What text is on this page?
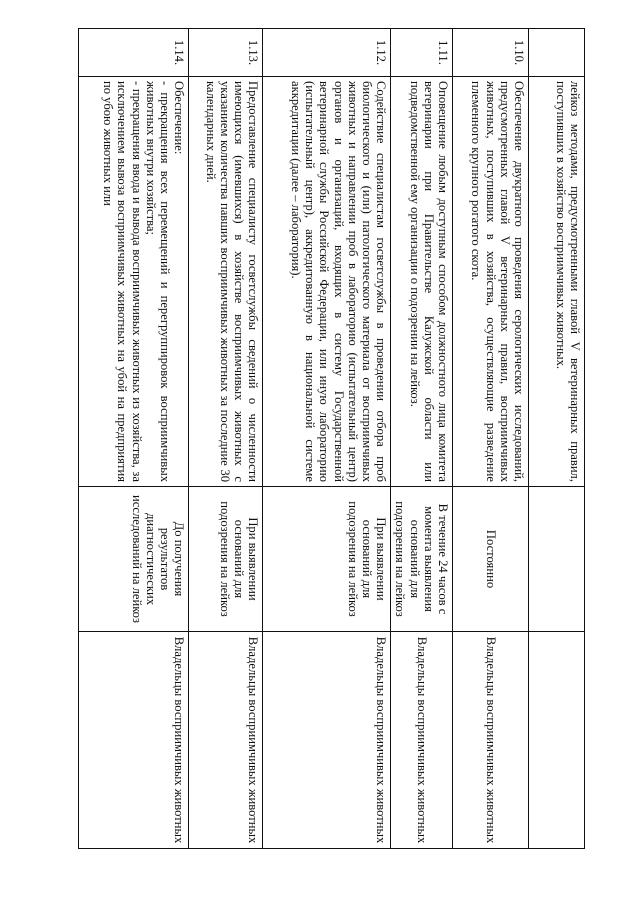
	лейкоз методами, предусмотренными главой V ветеринарных правил, поступивших в хозяйство восприимчивых животных.		
1.10.	Обеспечение двукратного проведения серологических исследований, предусмотренных главой V ветеринарных правил, восприимчивых животных, поступивших в хозяйства, осуществляющие разведение племенного крупного рогатого скота.	Постоянно	Владельцы восприимчивых животных
1.11.	Оповещение любым доступным способом должностного лица комитета ветеринарии при Правительстве Калужской области или подведомственной ему организации о подозрении на лейкоз.	В течение 24 часов с момента выявления оснований для подозрения на лейкоз	Владельцы восприимчивых животных
1.12.	Содействие специалистам госветслужбы в проведении отбора проб биологического и (или) патологического материала от восприимчивых животных и направлении проб в лабораторию (испытательный центр) органов и организаций, входящих в систему Государственной ветеринарной службы Российской Федерации, или иную лабораторию (испытательный центр), аккредитованную в национальной системе аккредитации (далее – лаборатория).	При выявлении оснований для подозрения на лейкоз	Владельцы восприимчивых животных
1.13.	Предоставление специалисту госветслужбы сведений о численности имеющихся (имевшихся) в хозяйстве восприимчивых животных с указанием количества павших восприимчивых животных за последние 30 календарных дней.	При выявлении оснований для подозрения на лейкоз	Владельцы восприимчивых животных
1.14.	Обеспечение:
- прекращения всех перемещений и перегруппировок восприимчивых животных внутри хозяйства;
- прекращения ввода и вывода восприимчивых животных из хозяйства, за исключением вывоза восприимчивых животных на убой на предприятия по убою животных или	До получения результатов диагностических исследований на лейкоз	Владельцы восприимчивых животных
